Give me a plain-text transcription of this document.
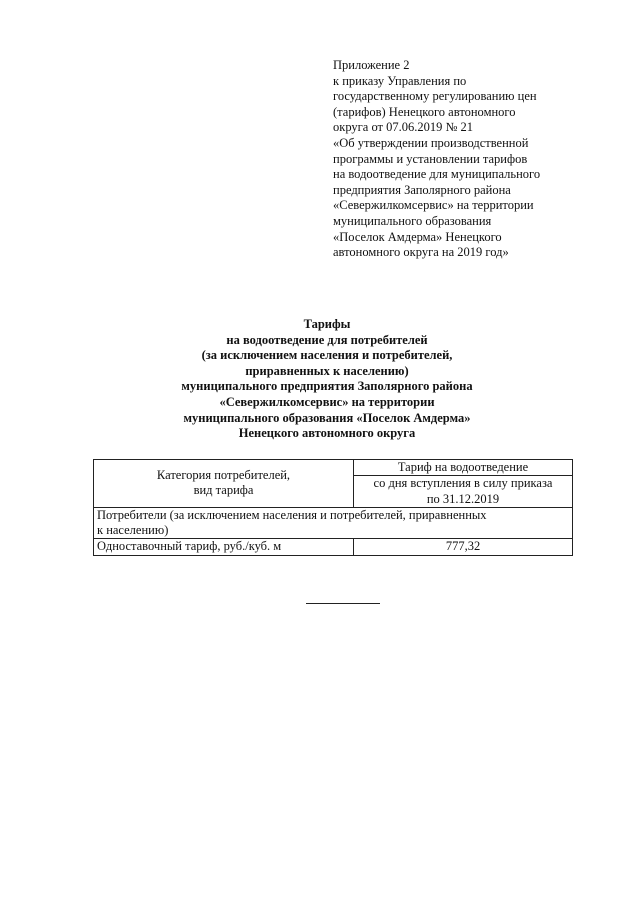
Приложение 2
к приказу Управления по
государственному регулированию цен
(тарифов) Ненецкого автономного
округа от 07.06.2019 № 21
«Об утверждении производственной
программы и установлении тарифов
на водоотведение для муниципального
предприятия Заполярного района
«Севержилкомсервис» на территории
муниципального образования
«Поселок Амдерма» Ненецкого
автономного округа на 2019 год»
Тарифы
на водоотведение для потребителей
(за исключением населения и потребителей,
приравненных к населению)
муниципального предприятия Заполярного района
«Севержилкомсервис» на территории
муниципального образования «Поселок Амдерма»
Ненецкого автономного округа
Категория потребителей,
вид тарифа	Тариф на водоотведение

	со дня вступления в силу приказа
по 31.12.2019

Потребители (за исключением населения и потребителей, приравненных
к населению)	

Одноставочный тариф, руб./куб. м	777,32
